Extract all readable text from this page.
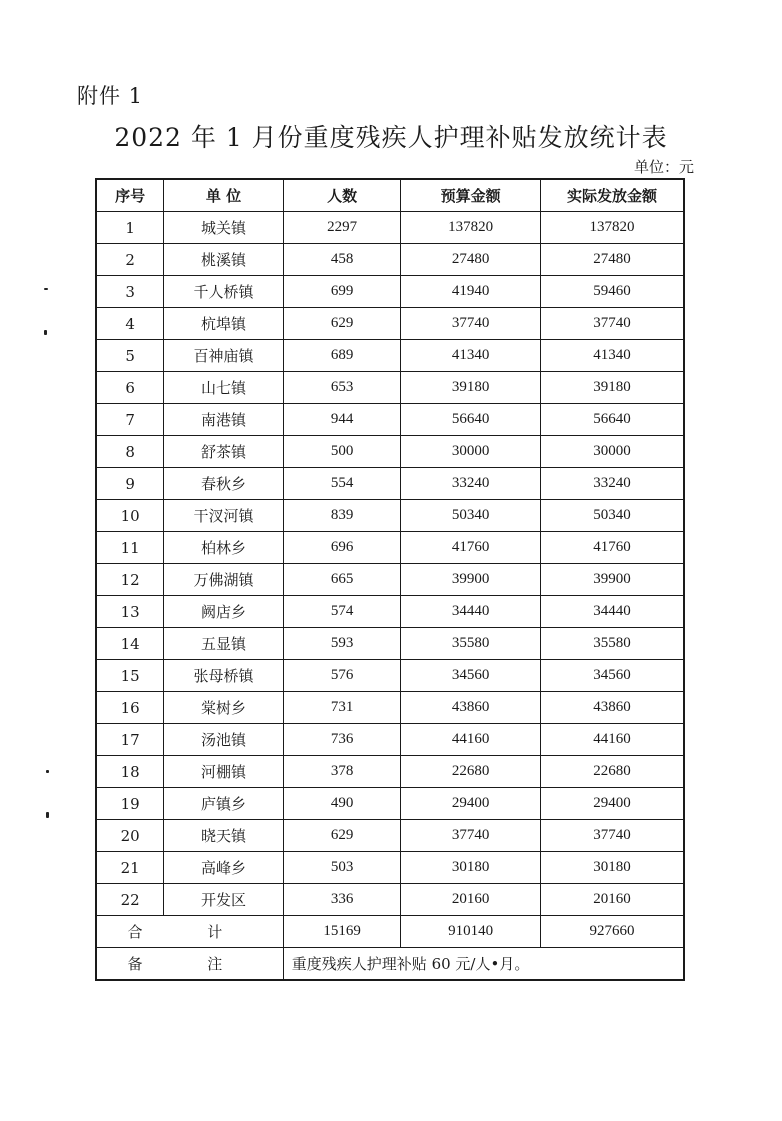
附件 1
2022 年 1 月份重度残疾人护理补贴发放统计表
单位：元
序号	单 位	人数	预算金额	实际发放金额
1	城关镇	2297	137820	137820
2	桃溪镇	458	27480	27480
3	千人桥镇	699	41940	59460
4	杭埠镇	629	37740	37740
5	百神庙镇	689	41340	41340
6	山七镇	653	39180	39180
7	南港镇	944	56640	56640
8	舒茶镇	500	30000	30000
9	春秋乡	554	33240	33240
10	干汊河镇	839	50340	50340
11	柏林乡	696	41760	41760
12	万佛湖镇	665	39900	39900
13	阙店乡	574	34440	34440
14	五显镇	593	35580	35580
15	张母桥镇	576	34560	34560
16	棠树乡	731	43860	43860
17	汤池镇	736	44160	44160
18	河棚镇	378	22680	22680
19	庐镇乡	490	29400	29400
20	晓天镇	629	37740	37740
21	高峰乡	503	30180	30180
22	开发区	336	20160	20160
合 计		15169	910140	927660
备 注		重度残疾人护理补贴 60 元/人•月。		
